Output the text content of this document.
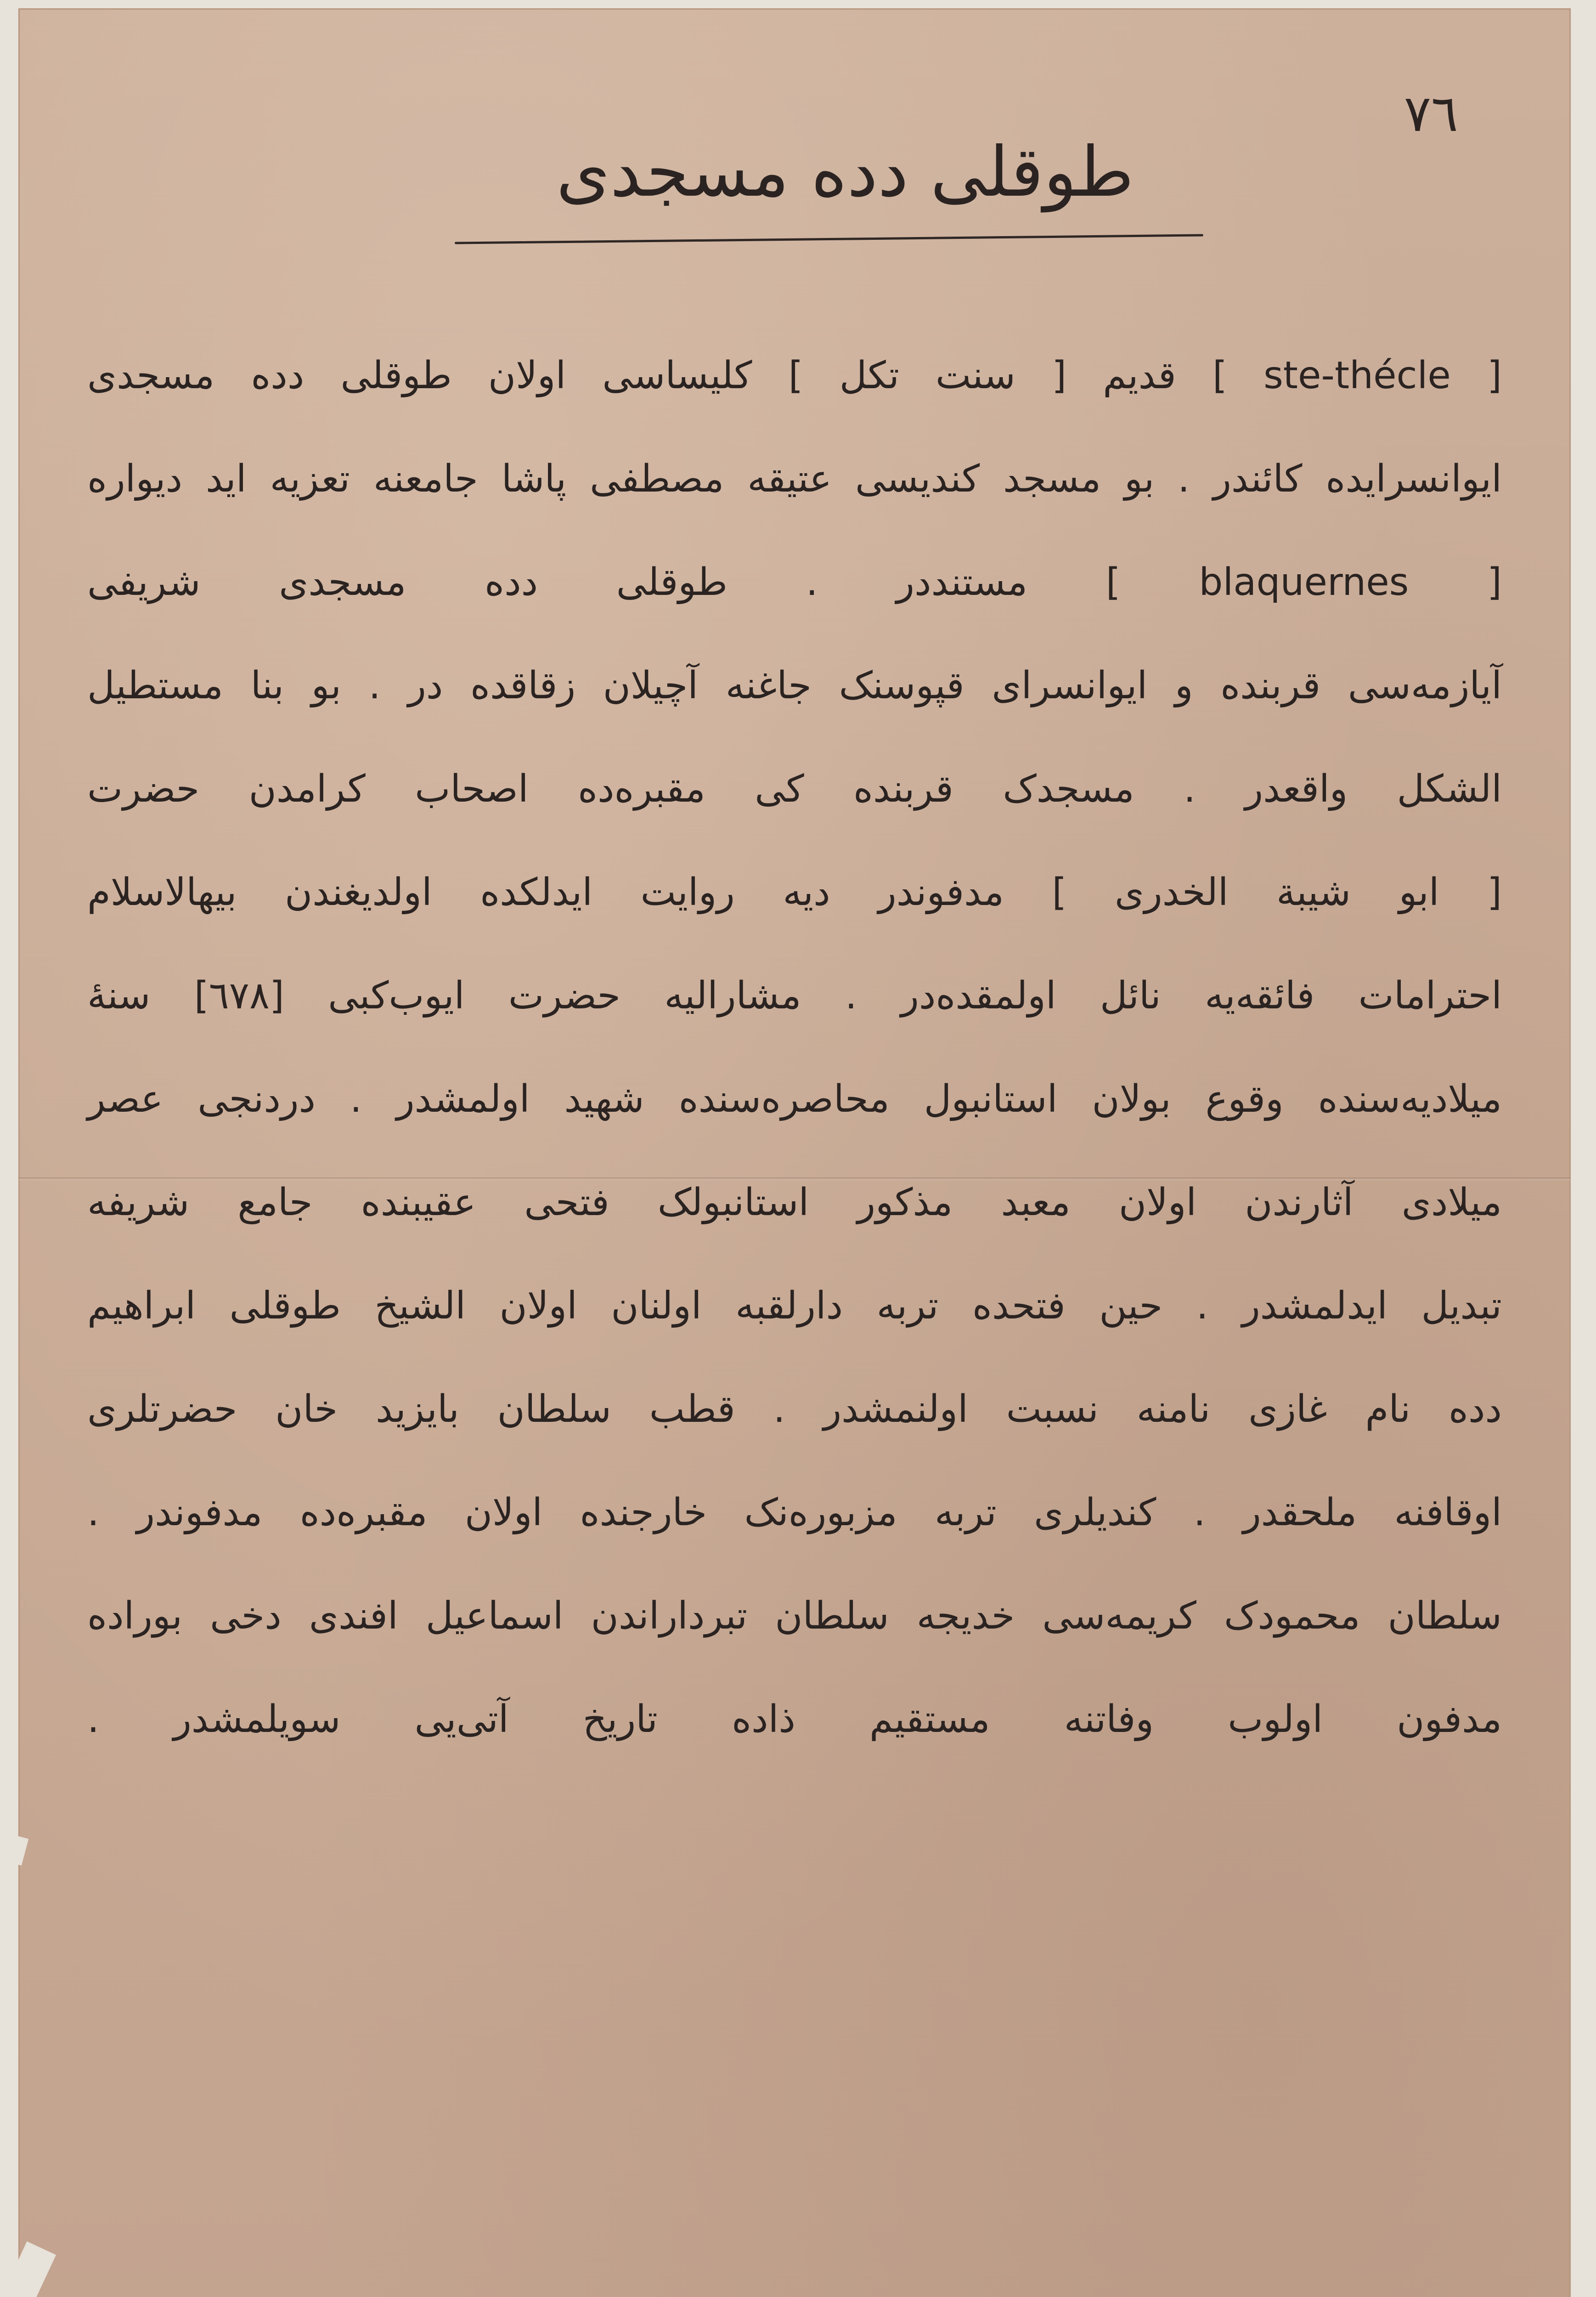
٧٦
طوقلی دده مسجدی
[ ste-thécle ] قدیم [ سنت تکل ] کلیساسی اولان طوقلی دده مسجدی
ایوانسرایده کائندر . بو مسجد کندیسی عتیقه مصطفی پاشا جامعنه تعزیه اید دیواره
[ blaquernes ] مستنددر . طوقلی دده مسجدی شریفی
آیازمه‌سی قربنده و ایوانسرای قپوسنک جاغنه آچیلان زقاقده در . بو بنا مستطیل
الشکل واقعدر . مسجدک قربنده کی مقبره‌ده اصحاب کرامدن حضرت
[ ابو شیبة الخدری ] مدفوندر دیه روایت ایدلکده اولدیغندن بیهالاسلام
احترامات فائقه‌یه نائل اولمقده‌در . مشارالیه حضرت ایوب‌کبی [٦٧٨] سنه‌ٔ
میلادیه‌سنده وقوع بولان استانبول محاصره‌سنده شهید اولمشدر . دردنجی عصر
میلادی آثارندن اولان معبد مذکور استانبولک فتحی عقیبنده جامع شریفه
تبدیل ایدلمشدر . حین فتحده تربه دارلقبه اولنان اولان الشیخ طوقلی ابراهیم
دده نام غازی نامنه نسبت اولنمشدر . قطب سلطان بایزید خان حضرتلری
اوقافنه ملحقدر . کندیلری تربه مزبوره‌نک خارجنده اولان مقبره‌ده مدفوندر .
سلطان محمودک کریمه‌سی خدیجه سلطان تبرداراندن اسماعیل افندی دخی بوراده
مدفون اولوب وفاتنه مستقیم ذاده تاریخ آتی‌یی سویلمشدر .
